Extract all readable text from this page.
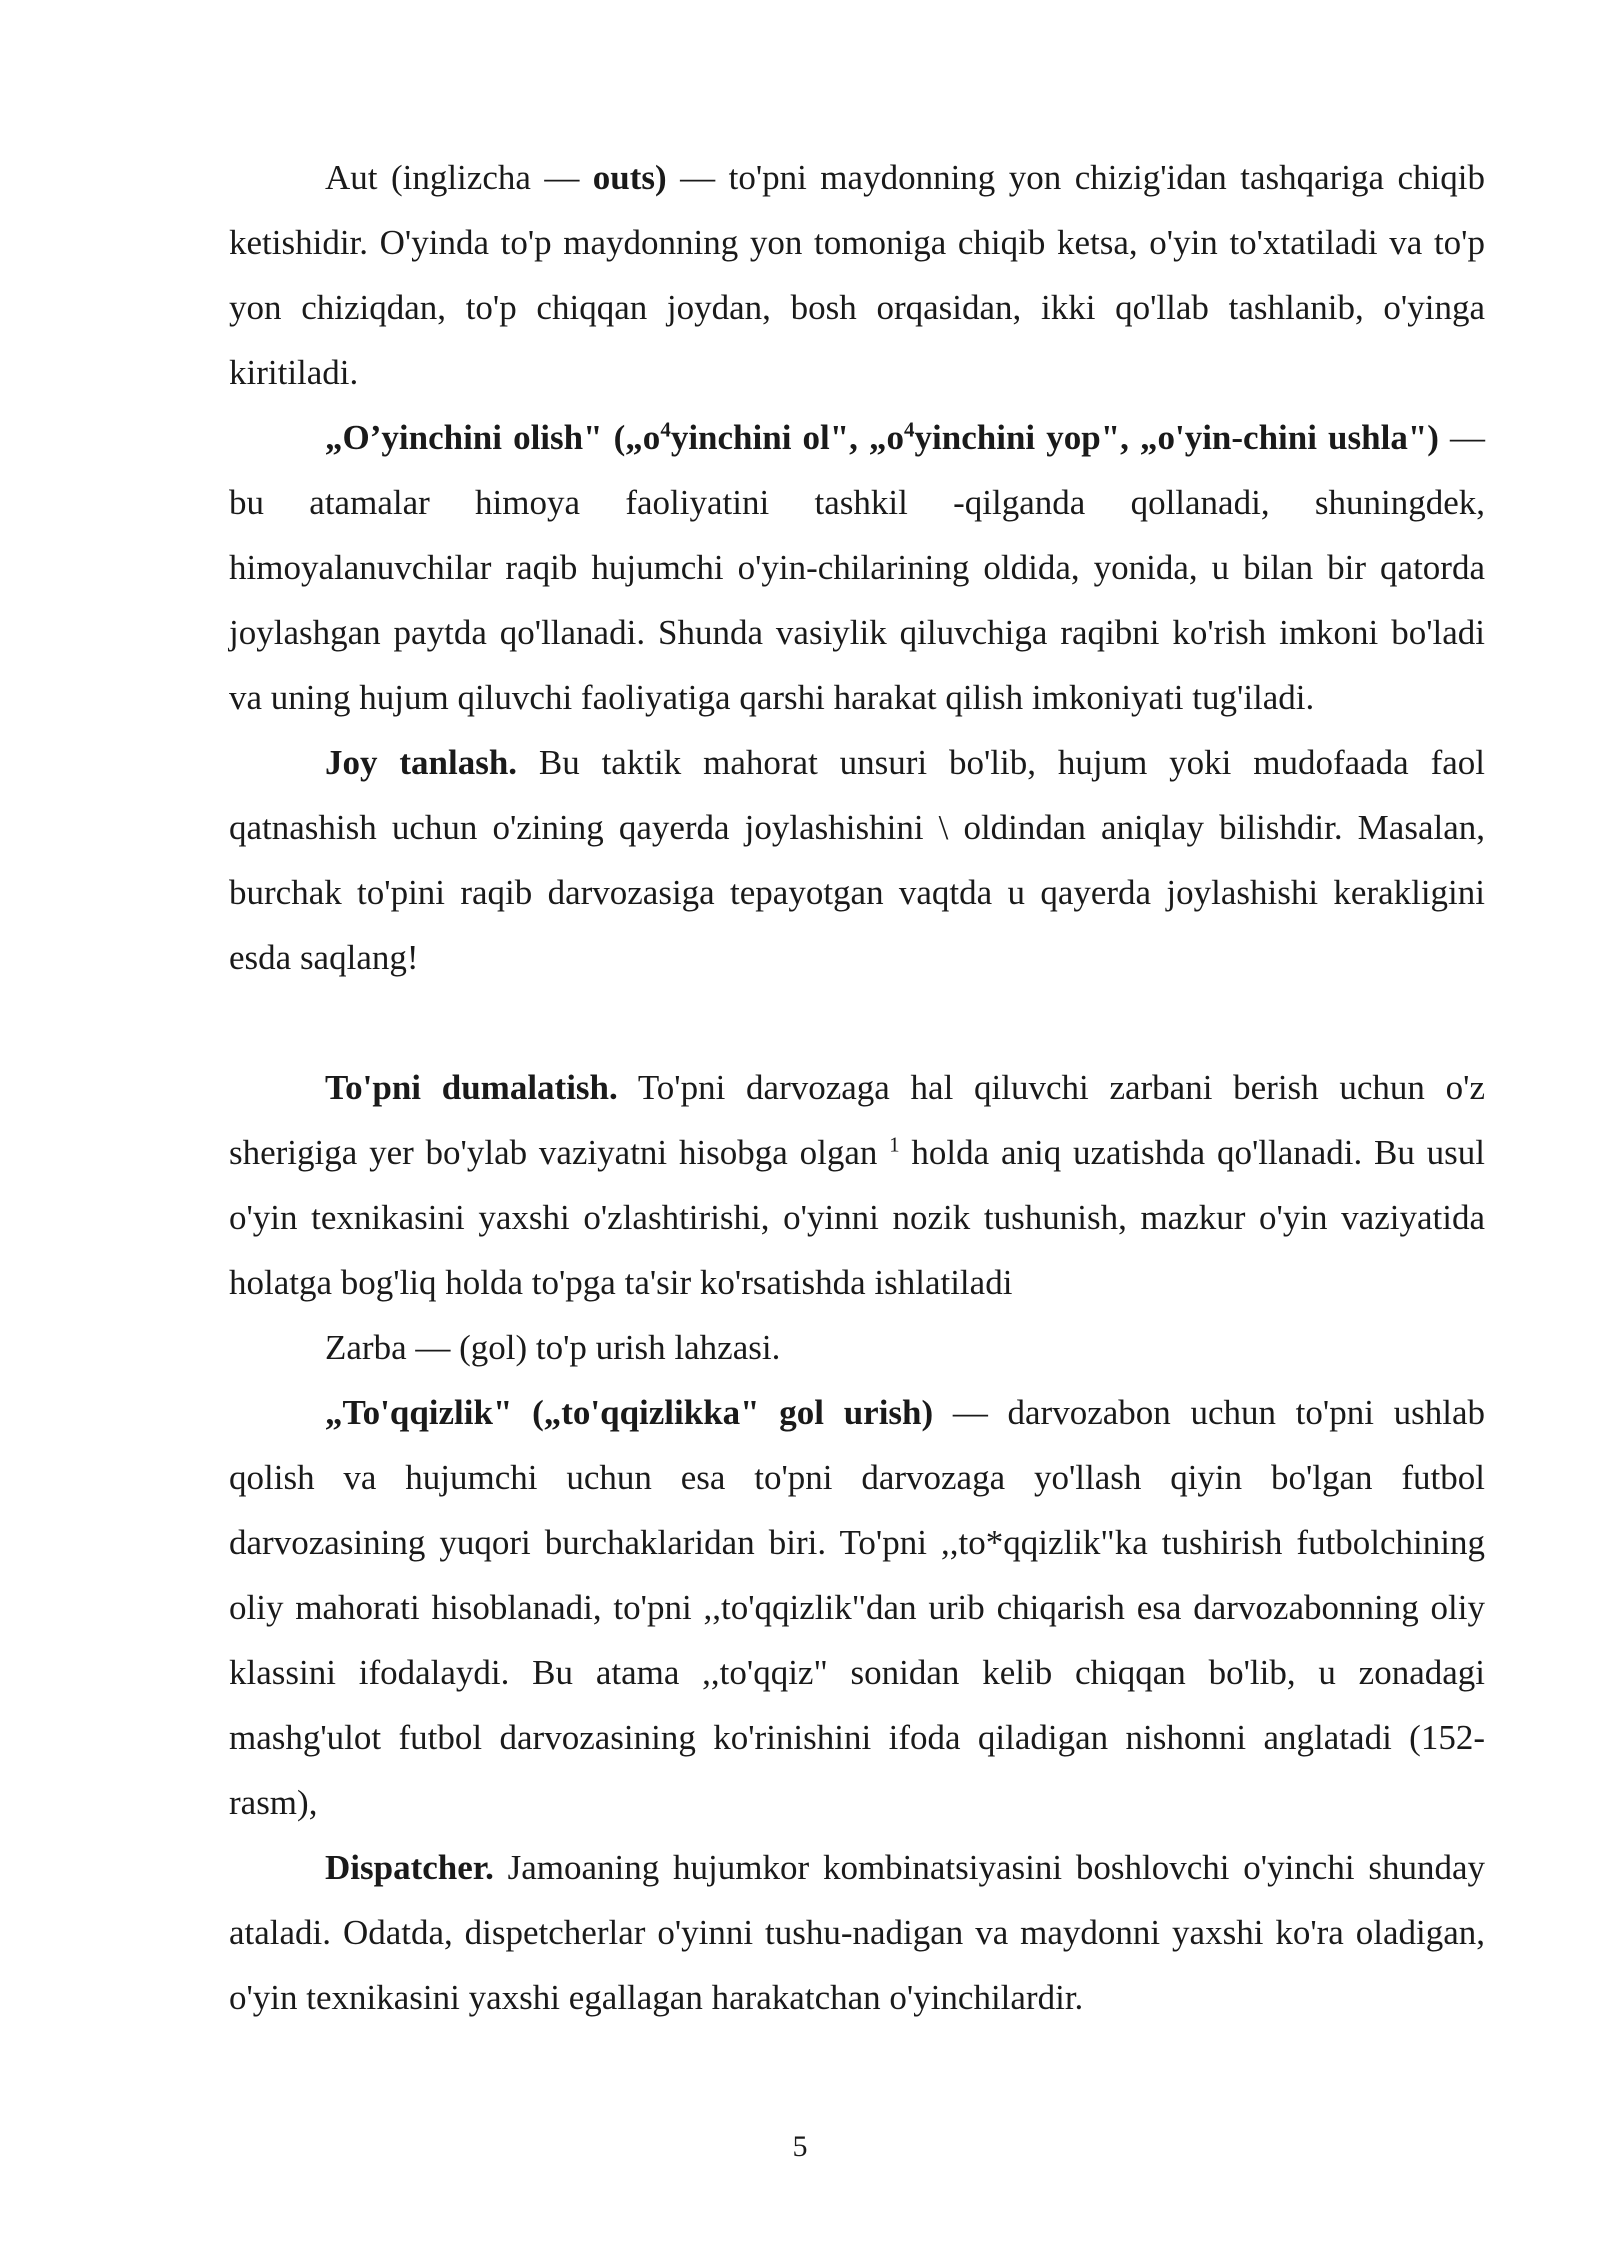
Aut (inglizcha — outs) — to'pni maydonning yon chizig'idan tashqariga chiqib ketishidir. O'yinda to'p maydonning yon tomoniga chiqib ketsa, o'yin to'xtatiladi va to'p yon chiziqdan, to'p chiqqan joydan, bosh orqasidan, ikki qo'llab tashlanib, o'yinga kiritiladi.

„O’yinchini olish" ($„o^4yinchini$ ol", $„o^4yinchini$ yop", „o'yin-chini ushla") — bu atamalar himoya faoliyatini tashkil -qilganda qollanadi, shuningdek, himoyalanuvchilar raqib hujumchi o'yin-chilarining oldida, yonida, u bilan bir qatorda joylashgan paytda qo'llanadi. Shunda vasiylik qiluvchiga raqibni ko'rish imkoni bo'ladi va uning hujum qiluvchi faoliyatiga qarshi harakat qilish imkoniyati tug'iladi.

Joy tanlash. Bu taktik mahorat unsuri bo'lib, hujum yoki mudofaada faol qatnashish uchun o'zining qayerda joylashishini \ oldindan aniqlay bilishdir. Masalan, burchak to'pini raqib darvozasiga tepayotgan vaqtda u qayerda joylashishi kerakligini esda saqlang!

To'pni dumalatish. To'pni darvozaga hal qiluvchi zarbani berish uchun o'z sherigiga yer bo'ylab vaziyatni hisobga olgan $^1$ holda aniq uzatishda qo'llanadi. Bu usul o'yin texnikasini yaxshi o'zlashtirishi, o'yinni nozik tushunish, mazkur o'yin vaziyatida holatga bog'liq holda to'pga ta'sir ko'rsatishda ishlatiladi

Zarba — (gol) to'p urish lahzasi.

„To'qqizlik" („to'qqizlikka" gol urish) — darvozabon uchun to'pni ushlab qolish va hujumchi uchun esa to'pni darvozaga yo'llash qiyin bo'lgan futbol darvozasining yuqori burchaklaridan biri. To'pni ,,to*qqizlik"ka tushirish futbolchining oliy mahorati hisoblanadi, to'pni ,,to'qqizlik"dan urib chiqarish esa darvozabonning oliy klassini ifodalaydi. Bu atama ,,to'qqiz" sonidan kelib chiqqan bo'lib, u zonadagi mashg'ulot futbol darvozasining ko'rinishini ifoda qiladigan nishonni anglatadi (152- rasm),

Dispatcher. Jamoaning hujumkor kombinatsiyasini boshlovchi o'yinchi shunday ataladi. Odatda, dispetcherlar o'yinni tushu-nadigan va maydonni yaxshi ko'ra oladigan, o'yin texnikasini yaxshi egallagan harakatchan o'yinchilardir.

5
